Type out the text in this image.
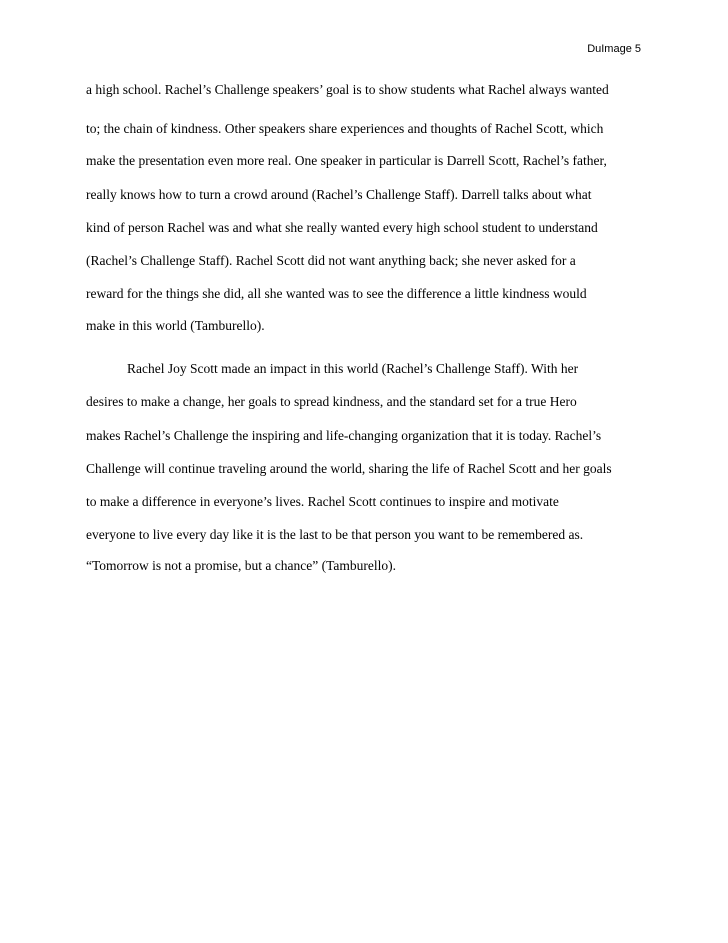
DuImage 5
a high school. Rachel’s Challenge speakers’ goal is to show students what Rachel always wanted
to; the chain of kindness. Other speakers share experiences and thoughts of Rachel Scott, which
make the presentation even more real. One speaker in particular is Darrell Scott, Rachel’s father,
really knows how to turn a crowd around (Rachel’s Challenge Staff). Darrell talks about what
kind of person Rachel was and what she really wanted every high school student to understand
(Rachel’s Challenge Staff). Rachel Scott did not want anything back; she never asked for a
reward for the things she did, all she wanted was to see the difference a little kindness would
make in this world (Tamburello).
Rachel Joy Scott made an impact in this world (Rachel’s Challenge Staff). With her
desires to make a change, her goals to spread kindness, and the standard set for a true Hero
makes Rachel’s Challenge the inspiring and life-changing organization that it is today. Rachel’s
Challenge will continue traveling around the world, sharing the life of Rachel Scott and her goals
to make a difference in everyone’s lives. Rachel Scott continues to inspire and motivate
everyone to live every day like it is the last to be that person you want to be remembered as.
“Tomorrow is not a promise, but a chance” (Tamburello).
